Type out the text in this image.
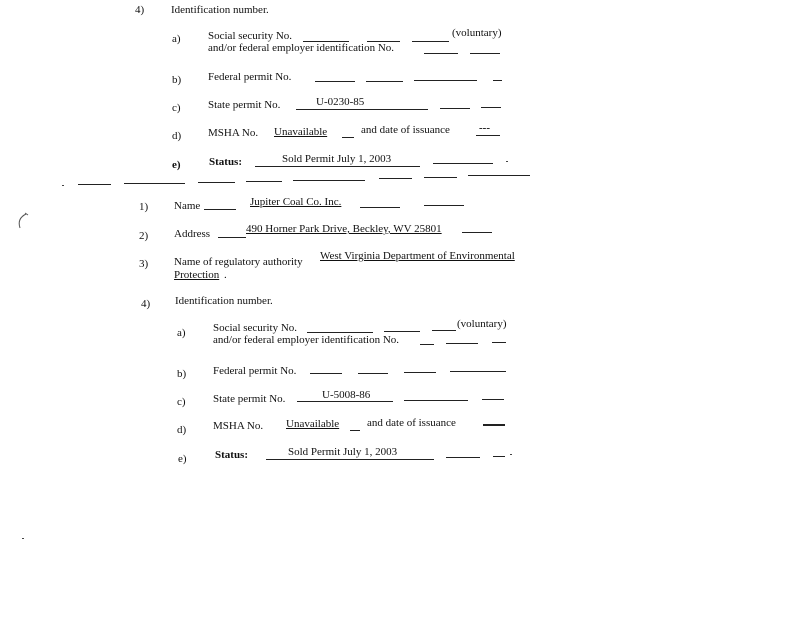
4) Identification number.
a) Social security No.	(voluntary)
and/or federal employer identification No.
b) Federal permit No.
c) State permit No.	U-0230-85
d) MSHA No. Unavailable	and date of issuance	---
e)	Status:	Sold Permit July 1, 2003
1) Name	Jupiter Coal Co. Inc.
2) Address	490 Horner Park Drive, Beckley, WV 25801
3) Name of regulatory authority West Virginia Department of Environmental
Protection .
4) Identification number.
a) Social security No.	(voluntary)
and/or federal employer identification No.
b) Federal permit No.
c) State permit No.	U-5008-86
d) MSHA No. Unavailable	and date of issuance
e)	Status:	Sold Permit July 1, 2003
